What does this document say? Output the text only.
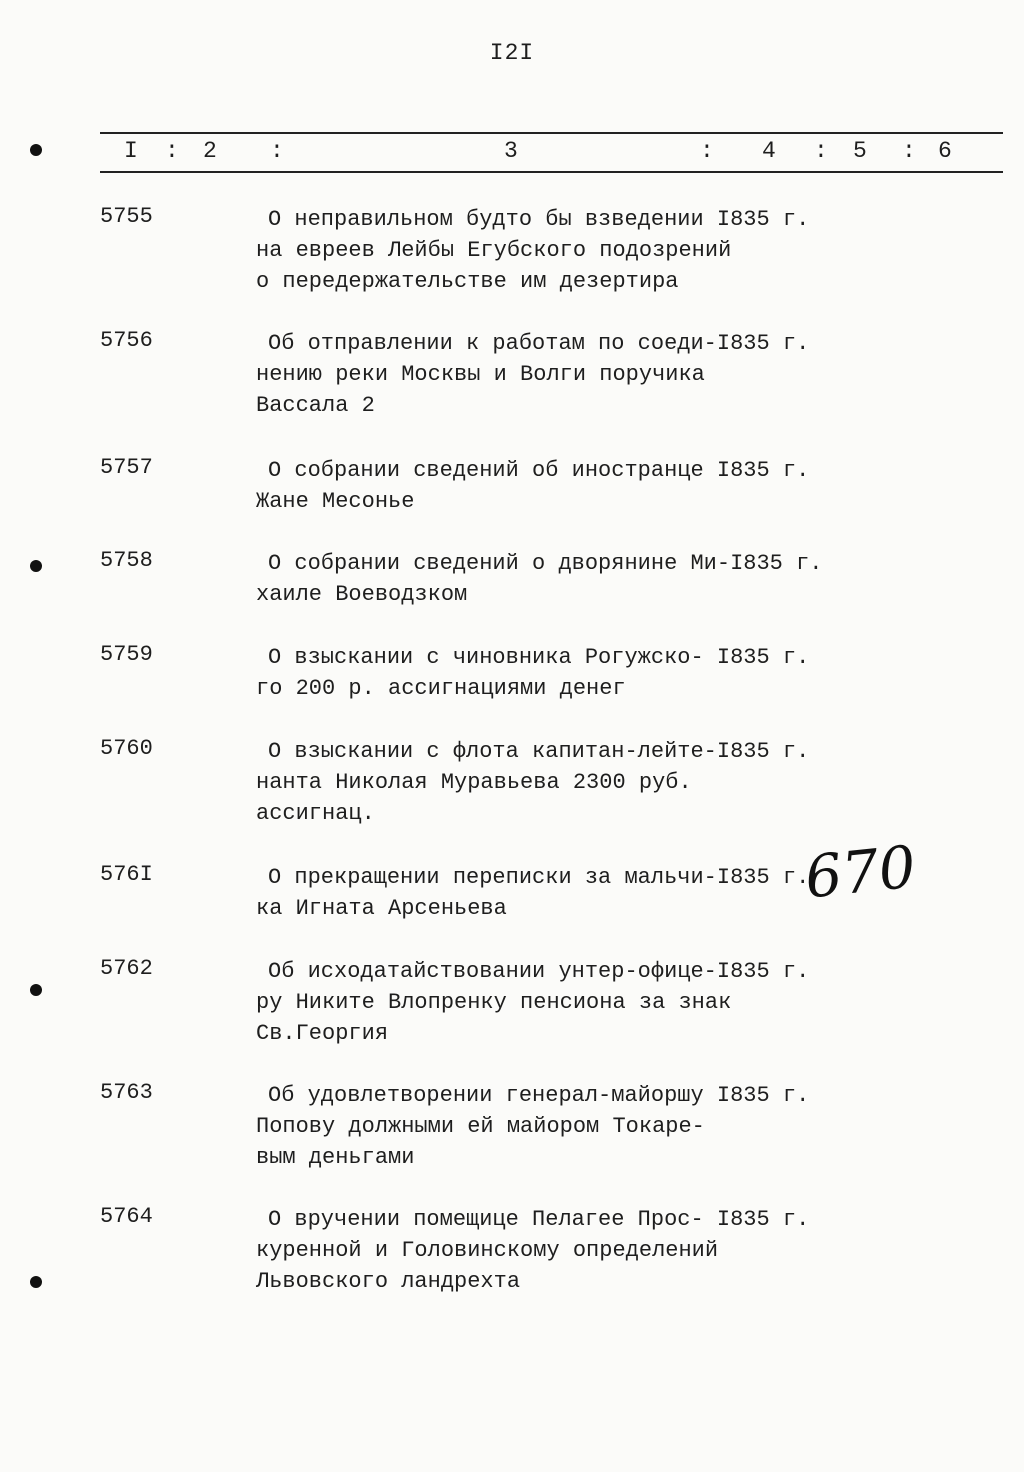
I2I
I : 2 :	3	: 4 : 5 : 6
5755	О неправильном будто бы взведении I835 г.
на евреев Лейбы Егубского подозрений
о передержательстве им дезертира
5756	Об отправлении к работам по соеди-I835 г.
нению реки Москвы и Волги поручика
Вассала 2
5757	О собрании сведений об иностранце I835 г.
Жане Месонье
5758	О собрании сведений о дворянине Ми-I835 г.
хаиле Воеводзком
5759	О взыскании с чиновника Рогужско- I835 г.
го 200 р. ассигнациями денег
5760	О взыскании с флота капитан-лейте-I835 г.
нанта Николая Муравьева 2300 руб.
ассигнац.
576I	О прекращении переписки за мальчи-I835 г.
ка Игната Арсеньева
5762	Об исходатайствовании унтер-офице-I835 г.
ру Никите Влопренку пенсиона за знак
Св.Георгия
5763	Об удовлетворении генерал-майоршу I835 г.
Попову должными ей майором Токаре-
вым деньгами
5764	О вручении помещице Пелагее Прос- I835 г.
куренной и Головинскому определений
Львовского ландрехта
670
